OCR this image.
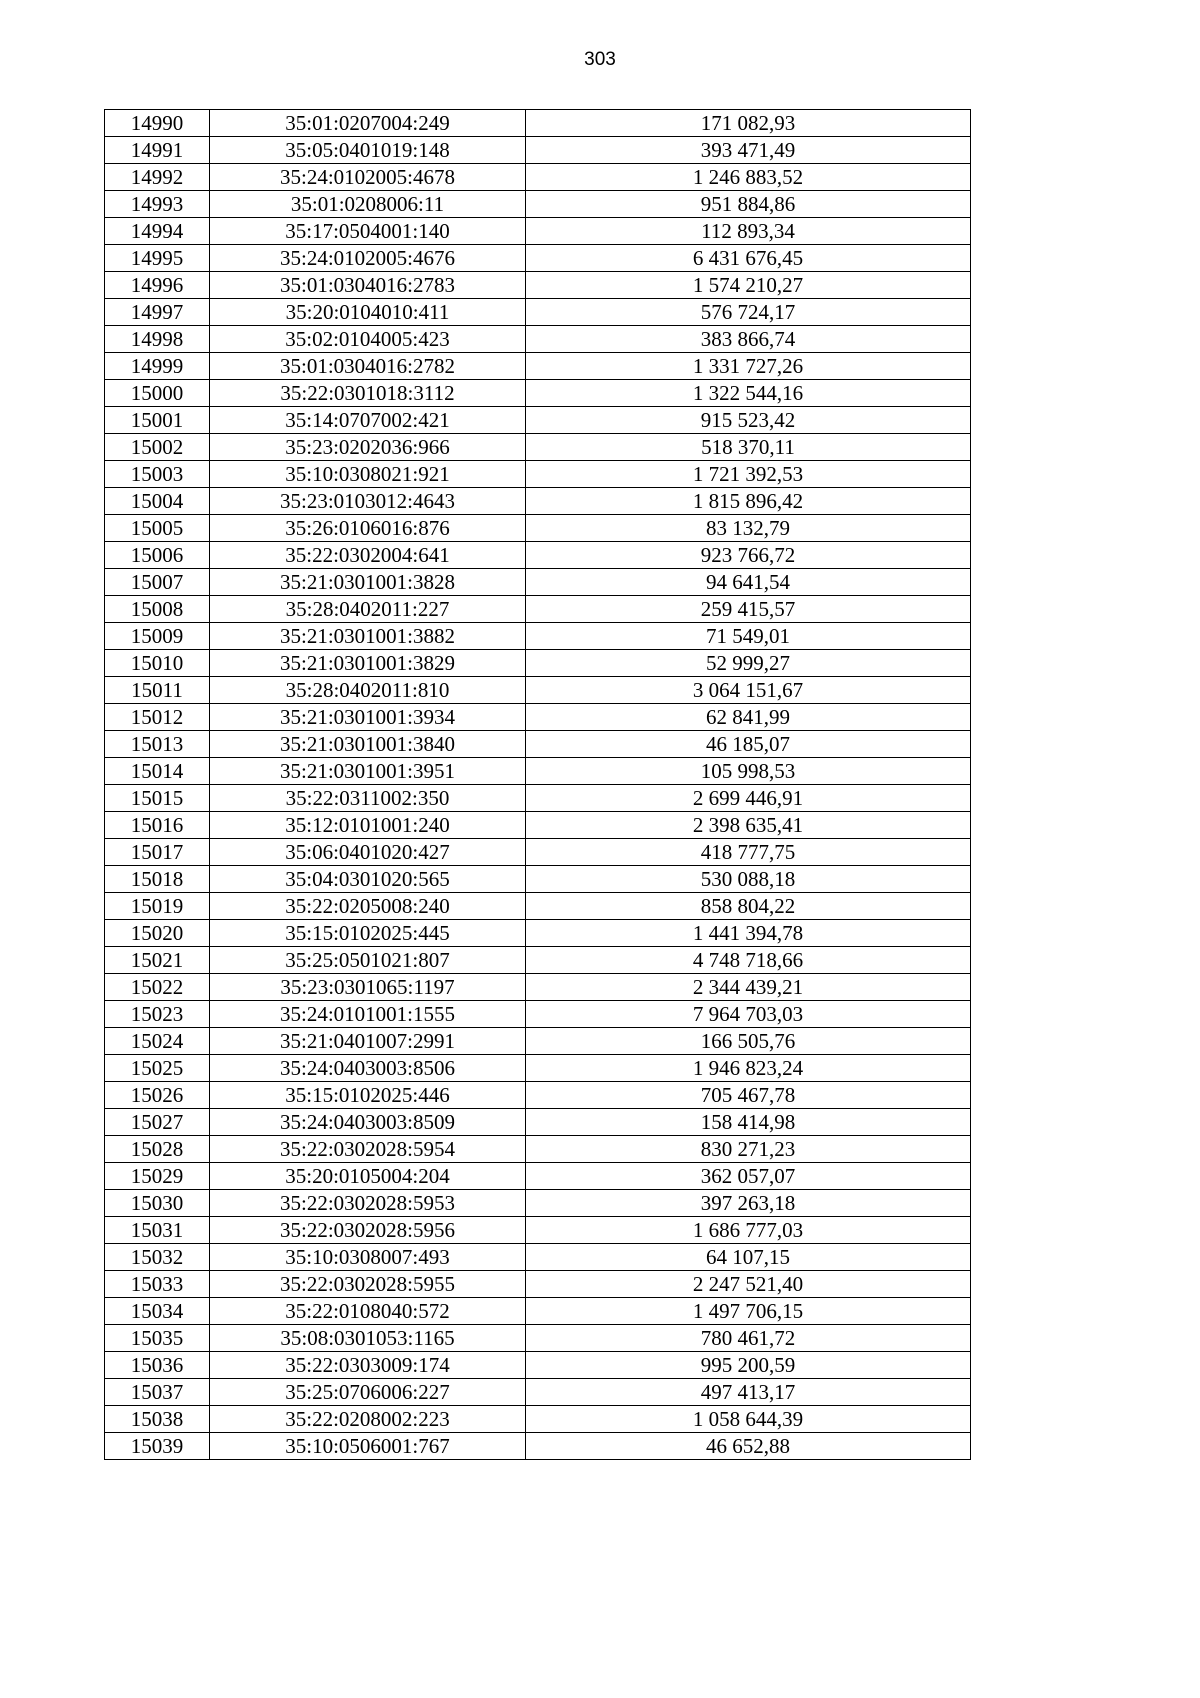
303
14990	35:01:0207004:249	171 082,93
14991	35:05:0401019:148	393 471,49
14992	35:24:0102005:4678	1 246 883,52
14993	35:01:0208006:11	951 884,86
14994	35:17:0504001:140	112 893,34
14995	35:24:0102005:4676	6 431 676,45
14996	35:01:0304016:2783	1 574 210,27
14997	35:20:0104010:411	576 724,17
14998	35:02:0104005:423	383 866,74
14999	35:01:0304016:2782	1 331 727,26
15000	35:22:0301018:3112	1 322 544,16
15001	35:14:0707002:421	915 523,42
15002	35:23:0202036:966	518 370,11
15003	35:10:0308021:921	1 721 392,53
15004	35:23:0103012:4643	1 815 896,42
15005	35:26:0106016:876	83 132,79
15006	35:22:0302004:641	923 766,72
15007	35:21:0301001:3828	94 641,54
15008	35:28:0402011:227	259 415,57
15009	35:21:0301001:3882	71 549,01
15010	35:21:0301001:3829	52 999,27
15011	35:28:0402011:810	3 064 151,67
15012	35:21:0301001:3934	62 841,99
15013	35:21:0301001:3840	46 185,07
15014	35:21:0301001:3951	105 998,53
15015	35:22:0311002:350	2 699 446,91
15016	35:12:0101001:240	2 398 635,41
15017	35:06:0401020:427	418 777,75
15018	35:04:0301020:565	530 088,18
15019	35:22:0205008:240	858 804,22
15020	35:15:0102025:445	1 441 394,78
15021	35:25:0501021:807	4 748 718,66
15022	35:23:0301065:1197	2 344 439,21
15023	35:24:0101001:1555	7 964 703,03
15024	35:21:0401007:2991	166 505,76
15025	35:24:0403003:8506	1 946 823,24
15026	35:15:0102025:446	705 467,78
15027	35:24:0403003:8509	158 414,98
15028	35:22:0302028:5954	830 271,23
15029	35:20:0105004:204	362 057,07
15030	35:22:0302028:5953	397 263,18
15031	35:22:0302028:5956	1 686 777,03
15032	35:10:0308007:493	64 107,15
15033	35:22:0302028:5955	2 247 521,40
15034	35:22:0108040:572	1 497 706,15
15035	35:08:0301053:1165	780 461,72
15036	35:22:0303009:174	995 200,59
15037	35:25:0706006:227	497 413,17
15038	35:22:0208002:223	1 058 644,39
15039	35:10:0506001:767	46 652,88
